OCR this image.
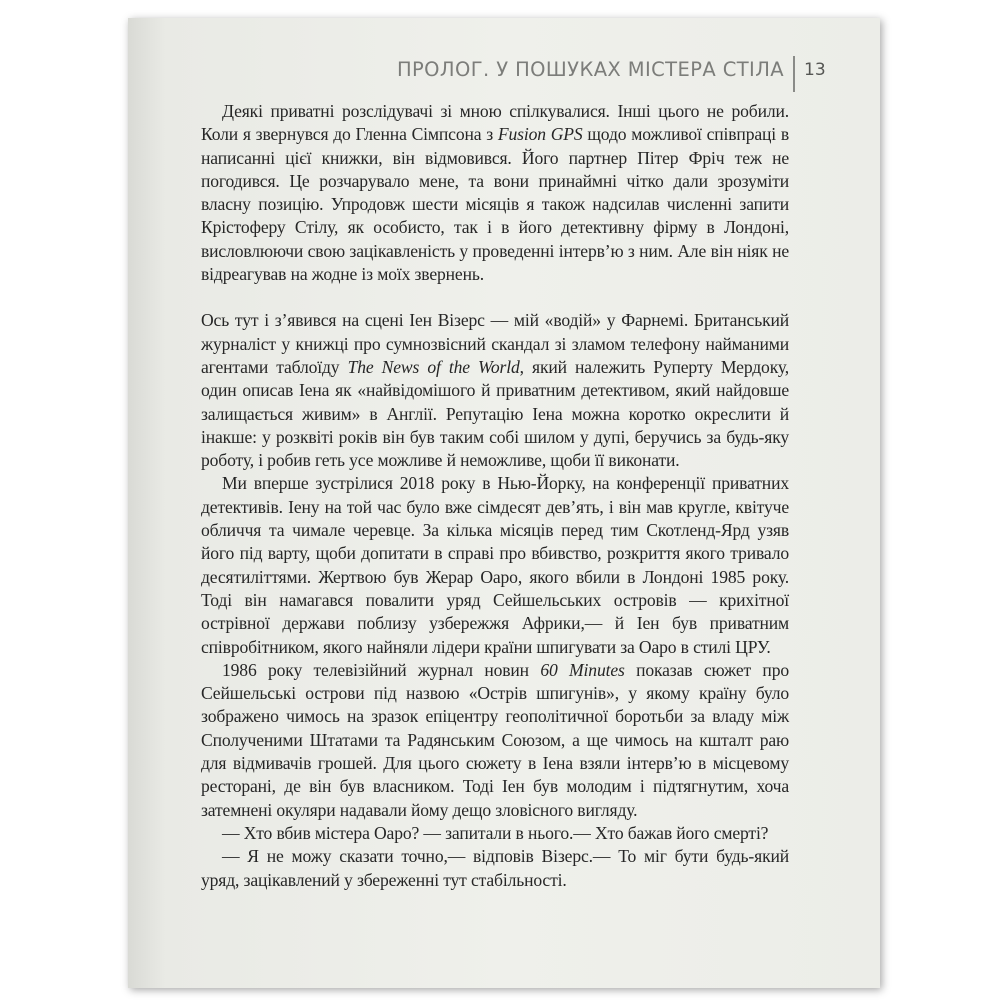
ПРОЛОГ. У ПОШУКАХ МІСТЕРА СТІЛА 13

Деякі приватні розслідувачі зі мною спілкувалися. Інші цього не робили. Коли я звернувся до Гленна Сімпсона з Fusion GPS щодо можливої співпраці в написанні цієї книжки, він відмовився. Його партнер Пітер Фріч теж не погодився. Це розчарувало мене, та вони принаймні чітко дали зрозуміти власну позицію. Упродовж шести місяців я також надсилав численні запити Крістоферу Стілу, як особисто, так і в його детективну фірму в Лондоні, висловлюючи свою зацікавленість у проведенні інтерв’ю з ним. Але він ніяк не відреагував на жодне із моїх звернень.

Ось тут і з’явився на сцені Іен Візерс — мій «водій» у Фарнемі. Британський журналіст у книжці про сумнозвісний скандал зі зламом телефону найманими агентами таблоїду The News of the World, який належить Руперту Мердоку, один описав Іена як «найвідомішого й приватним детективом, який найдовше залищається живим» в Англії. Репутацію Іена можна коротко окреслити й інакше: у розквіті років він був таким собі шилом у дупі, беручись за будь-яку роботу, і робив геть усе можливе й неможливе, щоби її виконати.

Ми вперше зустрілися 2018 року в Нью-Йорку, на конференції приватних детективів. Іену на той час було вже сімдесят дев’ять, і він мав кругле, квітуче обличчя та чимале черевце. За кілька місяців перед тим Скотленд-Ярд узяв його під варту, щоби допитати в справі про вбивство, розкриття якого тривало десятиліттями. Жертвою був Жерар Оаро, якого вбили в Лондоні 1985 року. Тоді він намагався повалити уряд Сейшельських островів — крихітної острівної держави поблизу узбережжя Африки,— й Іен був приватним співробітником, якого найняли лідери країни шпигувати за Оаро в стилі ЦРУ.

1986 року телевізійний журнал новин 60 Minutes показав сюжет про Сейшельські острови під назвою «Острів шпигунів», у якому країну було зображено чимось на зразок епіцентру геополітичної боротьби за владу між Сполученими Штатами та Радянським Союзом, а ще чимось на кшталт раю для відмивачів грошей. Для цього сюжету в Іена взяли інтерв’ю в місцевому ресторані, де він був власником. Тоді Іен був молодим і підтягнутим, хоча затемнені окуляри надавали йому дещо зловісного вигляду.

— Хто вбив містера Оаро? — запитали в нього.— Хто бажав його смерті?

— Я не можу сказати точно,— відповів Візерс.— То міг бути будь-який уряд, зацікавлений у збереженні тут стабільності.
